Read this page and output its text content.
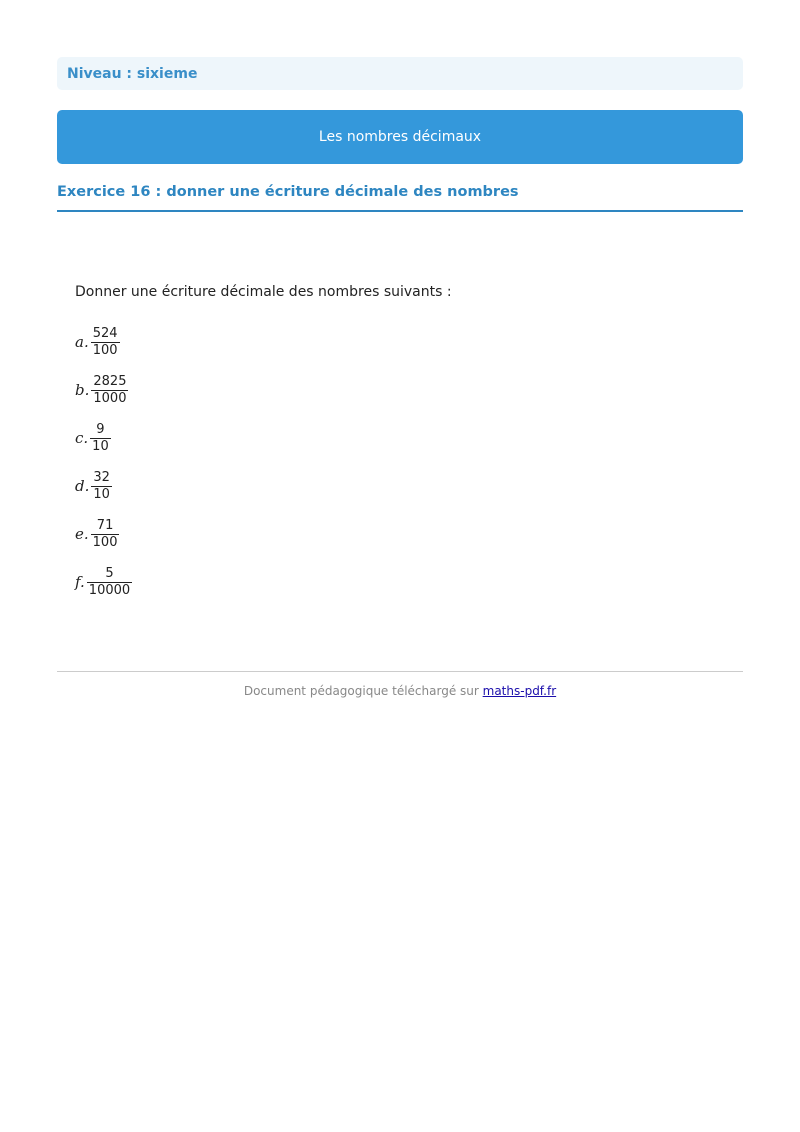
Niveau : sixieme
Les nombres décimaux
Exercice 16 : donner une écriture décimale des nombres
Donner une écriture décimale des nombres suivants :
a. $\frac{524}{100}$
b. $\frac{2825}{1000}$
c. $\frac{9}{10}$
d. $\frac{32}{10}$
e. $\frac{71}{100}$
f. $\frac{5}{10000}$
Document pédagogique téléchargé sur maths-pdf.fr
